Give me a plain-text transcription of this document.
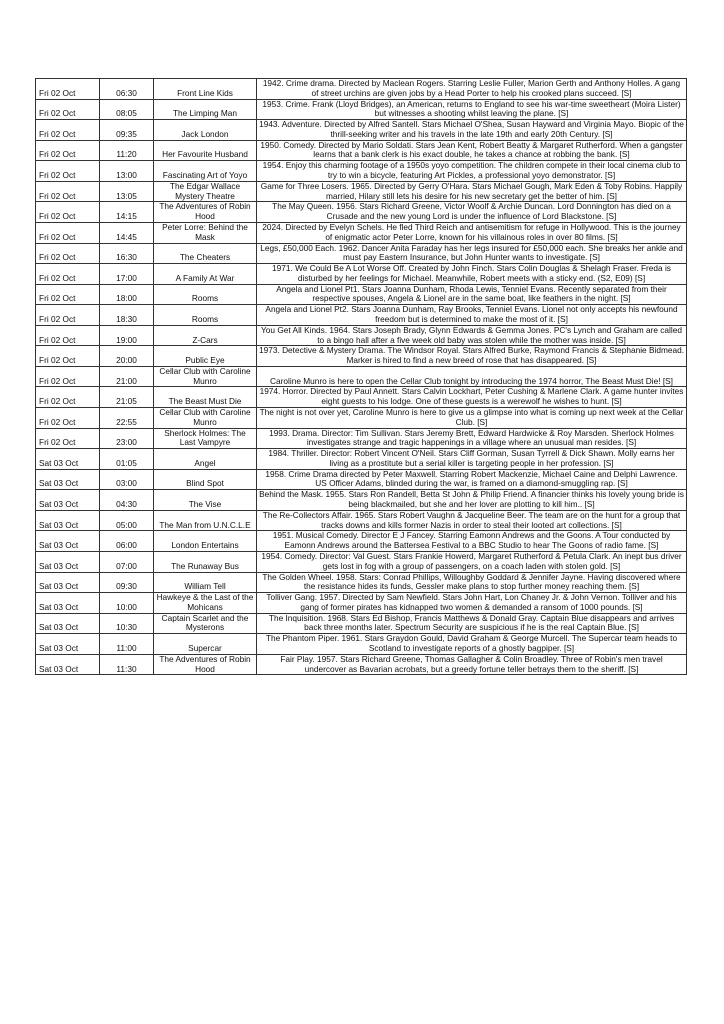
Fri 02 Oct	06:30	Front Line Kids	1942. Crime drama. Directed by Maclean Rogers. Starring Leslie Fuller, Marion Gerth and Anthony Holles. A gang of street urchins are given jobs by a Head Porter to help his crooked plans succeed. [S]
Fri 02 Oct	08:05	The Limping Man	1953. Crime. Frank (Lloyd Bridges), an American, returns to England to see his war-time sweetheart (Moira Lister) but witnesses a shooting whilst leaving the plane. [S]
Fri 02 Oct	09:35	Jack London	1943. Adventure. Directed by Alfred Santell. Stars Michael O'Shea, Susan Hayward and Virginia Mayo. Biopic of the thrill-seeking writer and his travels in the late 19th and early 20th Century. [S]
Fri 02 Oct	11:20	Her Favourite Husband	1950. Comedy. Directed by Mario Soldati. Stars Jean Kent, Robert Beatty & Margaret Rutherford. When a gangster learns that a bank clerk is his exact double, he takes a chance at robbing the bank. [S]
Fri 02 Oct	13:00	Fascinating Art of Yoyo	1954. Enjoy this charming footage of a 1950s yoyo competition. The children compete in their local cinema club to try to win a bicycle, featuring Art Pickles, a professional yoyo demonstrator. [S]
Fri 02 Oct	13:05	The Edgar Wallace Mystery Theatre	Game for Three Losers. 1965. Directed by Gerry O'Hara. Stars Michael Gough, Mark Eden & Toby Robins. Happily married, Hilary still lets his desire for his new secretary get the better of him. [S]
Fri 02 Oct	14:15	The Adventures of Robin Hood	The May Queen. 1956. Stars Richard Greene, Victor Woolf & Archie Duncan. Lord Donnington has died on a Crusade and the new young Lord is under the influence of Lord Blackstone. [S]
Fri 02 Oct	14:45	Peter Lorre: Behind the Mask	2024. Directed by Evelyn Schels. He fled Third Reich and antisemitism for refuge in Hollywood. This is the journey of enigmatic actor Peter Lorre, known for his villainous roles in over 80 films. [S]
Fri 02 Oct	16:30	The Cheaters	Legs, £50,000 Each. 1962. Dancer Anita Faraday has her legs insured for £50,000 each. She breaks her ankle and must pay Eastern Insurance, but John Hunter wants to investigate. [S]
Fri 02 Oct	17:00	A Family At War	1971. We Could Be A Lot Worse Off. Created by John Finch. Stars Colin Douglas & Shelagh Fraser. Freda is disturbed by her feelings for Michael. Meanwhile, Robert meets with a sticky end. (S2, E09) [S]
Fri 02 Oct	18:00	Rooms	Angela and Lionel Pt1. Stars Joanna Dunham, Rhoda Lewis, Tenniel Evans. Recently separated from their respective spouses, Angela & Lionel are in the same boat, like feathers in the night. [S]
Fri 02 Oct	18:30	Rooms	Angela and Lionel Pt2. Stars Joanna Dunham, Ray Brooks, Tenniel Evans. Lionel not only accepts his newfound freedom but is determined to make the most of it. [S]
Fri 02 Oct	19:00	Z-Cars	You Get All Kinds. 1964. Stars Joseph Brady, Glynn Edwards & Gemma Jones. PC's Lynch and Graham are called to a bingo hall after a five week old baby was stolen while the mother was inside. [S]
Fri 02 Oct	20:00	Public Eye	1973. Detective & Mystery Drama. The Windsor Royal. Stars Alfred Burke, Raymond Francis & Stephanie Bidmead. Marker is hired to find a new breed of rose that has disappeared. [S]
Fri 02 Oct	21:00	Cellar Club with Caroline Munro	Caroline Munro is here to open the Cellar Club tonight by introducing the 1974 horror, The Beast Must Die! [S]
Fri 02 Oct	21:05	The Beast Must Die	1974. Horror. Directed by Paul Annett. Stars Calvin Lockhart, Peter Cushing & Marlene Clark. A game hunter invites eight guests to his lodge. One of these guests is a werewolf he wishes to hunt. [S]
Fri 02 Oct	22:55	Cellar Club with Caroline Munro	The night is not over yet, Caroline Munro is here to give us a glimpse into what is coming up next week at the Cellar Club. [S]
Fri 02 Oct	23:00	Sherlock Holmes: The Last Vampyre	1993. Drama. Director: Tim Sullivan. Stars Jeremy Brett, Edward Hardwicke & Roy Marsden. Sherlock Holmes investigates strange and tragic happenings in a village where an unusual man resides. [S]
Sat 03 Oct	01:05	Angel	1984. Thriller. Director: Robert Vincent O'Neil. Stars Cliff Gorman, Susan Tyrrell & Dick Shawn. Molly earns her living as a prostitute but a serial killer is targeting people in her profession. [S]
Sat 03 Oct	03:00	Blind Spot	1958. Crime Drama directed by Peter Maxwell. Starring Robert Mackenzie, Michael Caine and Delphi Lawrence. US Officer Adams, blinded during the war, is framed on a diamond-smuggling rap. [S]
Sat 03 Oct	04:30	The Vise	Behind the Mask. 1955. Stars Ron Randell, Betta St John & Philip Friend. A financier thinks his lovely young bride is being blackmailed, but she and her lover are plotting to kill him.. [S]
Sat 03 Oct	05:00	The Man from U.N.C.L.E	The Re-Collectors Affair. 1965. Stars Robert Vaughn & Jacqueline Beer. The team are on the hunt for a group that tracks downs and kills former Nazis in order to steal their looted art collections. [S]
Sat 03 Oct	06:00	London Entertains	1951. Musical Comedy. Director E J Fancey. Starring Eamonn Andrews and the Goons. A Tour conducted by Eamonn Andrews around the Battersea Festival to a BBC Studio to hear The Goons of radio fame. [S]
Sat 03 Oct	07:00	The Runaway Bus	1954. Comedy. Director: Val Guest. Stars Frankie Howerd, Margaret Rutherford & Petula Clark. An inept bus driver gets lost in fog with a group of passengers, on a coach laden with stolen gold. [S]
Sat 03 Oct	09:30	William Tell	The Golden Wheel. 1958. Stars: Conrad Phillips, Willoughby Goddard & Jennifer Jayne. Having discovered where the resistance hides its funds, Gessler make plans to stop further money reaching them. [S]
Sat 03 Oct	10:00	Hawkeye & the Last of the Mohicans	Tolliver Gang. 1957. Directed by Sam Newfield. Stars John Hart, Lon Chaney Jr. & John Vernon. Tolliver and his gang of former pirates has kidnapped two women & demanded a ransom of 1000 pounds. [S]
Sat 03 Oct	10:30	Captain Scarlet and the Mysterons	The Inquisition. 1968. Stars Ed Bishop, Francis Matthews & Donald Gray. Captain Blue disappears and arrives back three months later. Spectrum Security are suspicious if he is the real Captain Blue. [S]
Sat 03 Oct	11:00	Supercar	The Phantom Piper. 1961. Stars Graydon Gould, David Graham & George Murcell. The Supercar team heads to Scotland to investigate reports of a ghostly bagpiper. [S]
Sat 03 Oct	11:30	The Adventures of Robin Hood	Fair Play. 1957. Stars Richard Greene, Thomas Gallagher & Colin Broadley. Three of Robin's men travel undercover as Bavarian acrobats, but a greedy fortune teller betrays them to the sheriff. [S]
